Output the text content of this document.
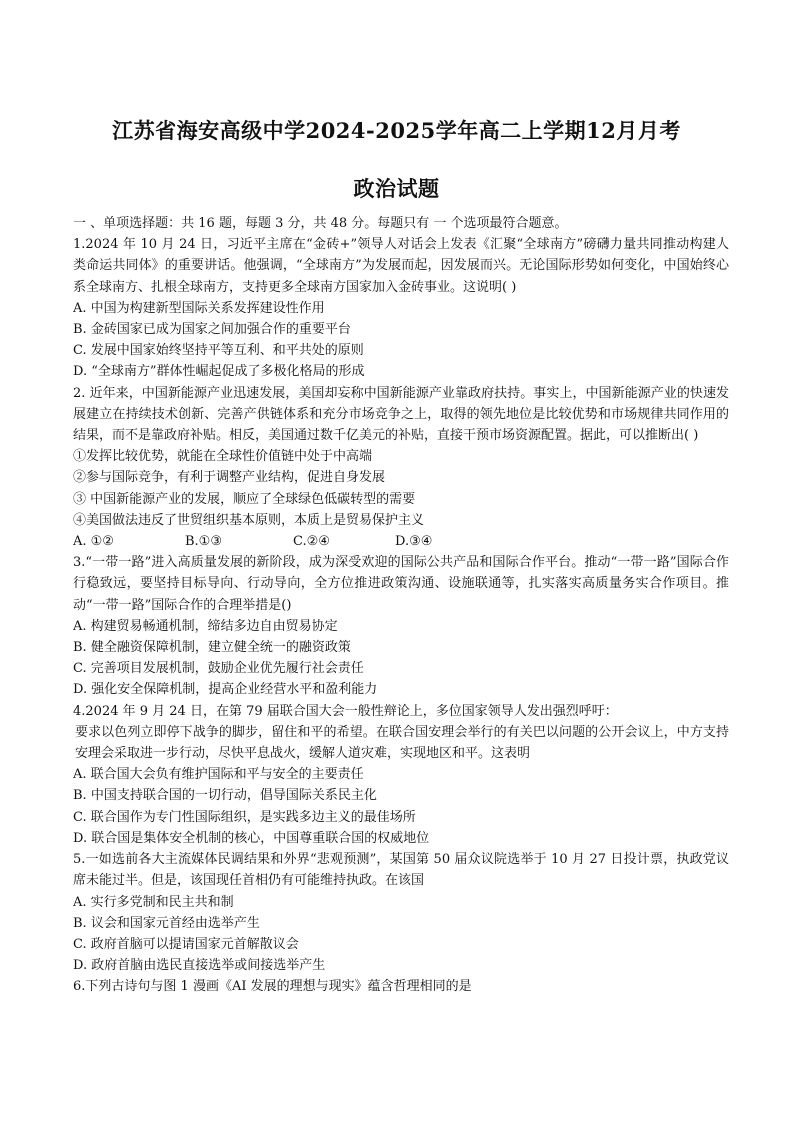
江苏省海安高级中学2024-2025学年高二上学期12月月考
政治试题
一 、单项选择题：共 16 题，每题 3 分，共 48 分。每题只有 一 个选项最符合题意。
1.2024 年 10 月 24 日，习近平主席在“金砖+”领导人对话会上发表《汇聚“全球南方”磅礴力量共同推动构建人类命运共同体》的重要讲话。他强调，“全球南方”为发展而起，因发展而兴。无论国际形势如何变化，中国始终心系全球南方、扎根全球南方，支持更多全球南方国家加入金砖事业。这说明( )
A. 中国为构建新型国际关系发挥建设性作用
B. 金砖国家已成为国家之间加强合作的重要平台
C. 发展中国家始终坚持平等互利、和平共处的原则
D. “全球南方”群体性崛起促成了多极化格局的形成
2. 近年来，中国新能源产业迅速发展，美国却妄称中国新能源产业靠政府扶持。事实上，中国新能源产业的快速发展建立在持续技术创新、完善产供链体系和充分市场竞争之上，取得的领先地位是比较优势和市场规律共同作用的结果，而不是靠政府补贴。相反，美国通过数千亿美元的补贴，直接干预市场资源配置。据此，可以推断出( )
①发挥比较优势，就能在全球性价值链中处于中高端
②参与国际竞争，有利于调整产业结构，促进自身发展
③ 中国新能源产业的发展，顺应了全球绿色低碳转型的需要
④美国做法违反了世贸组织基本原则，本质上是贸易保护主义
A. ①②	B.①③	C.②④	D.③④
3.“一带一路”进入高质量发展的新阶段，成为深受欢迎的国际公共产品和国际合作平台。推动“一带一路”国际合作行稳致远，要坚持目标导向、行动导向，全方位推进政策沟通、设施联通等，扎实落实高质量务实合作项目。推动“一带一路”国际合作的合理举措是()
A. 构建贸易畅通机制，缔结多边自由贸易协定
B. 健全融资保障机制，建立健全统一的融资政策
C. 完善项目发展机制，鼓励企业优先履行社会责任
D. 强化安全保障机制，提高企业经营水平和盈利能力
4.2024 年 9 月 24 日，在第 79 届联合国大会一般性辩论上，多位国家领导人发出强烈呼吁：
要求以色列立即停下战争的脚步，留住和平的希望。在联合国安理会举行的有关巴以问题的公开会议上，中方支持安理会采取进一步行动，尽快平息战火，缓解人道灾难，实现地区和平。这表明
A. 联合国大会负有维护国际和平与安全的主要责任
B. 中国支持联合国的一切行动，倡导国际关系民主化
C. 联合国作为专门性国际组织，是实践多边主义的最佳场所
D. 联合国是集体安全机制的核心，中国尊重联合国的权威地位
5.一如选前各大主流媒体民调结果和外界“悲观预测”，某国第 50 届众议院选举于 10 月 27 日投计票，执政党议席未能过半。但是，该国现任首相仍有可能维持执政。在该国
A. 实行多党制和民主共和制
B. 议会和国家元首经由选举产生
C. 政府首脑可以提请国家元首解散议会
D. 政府首脑由选民直接选举或间接选举产生
6.下列古诗句与图 1 漫画《AI 发展的理想与现实》蕴含哲理相同的是
